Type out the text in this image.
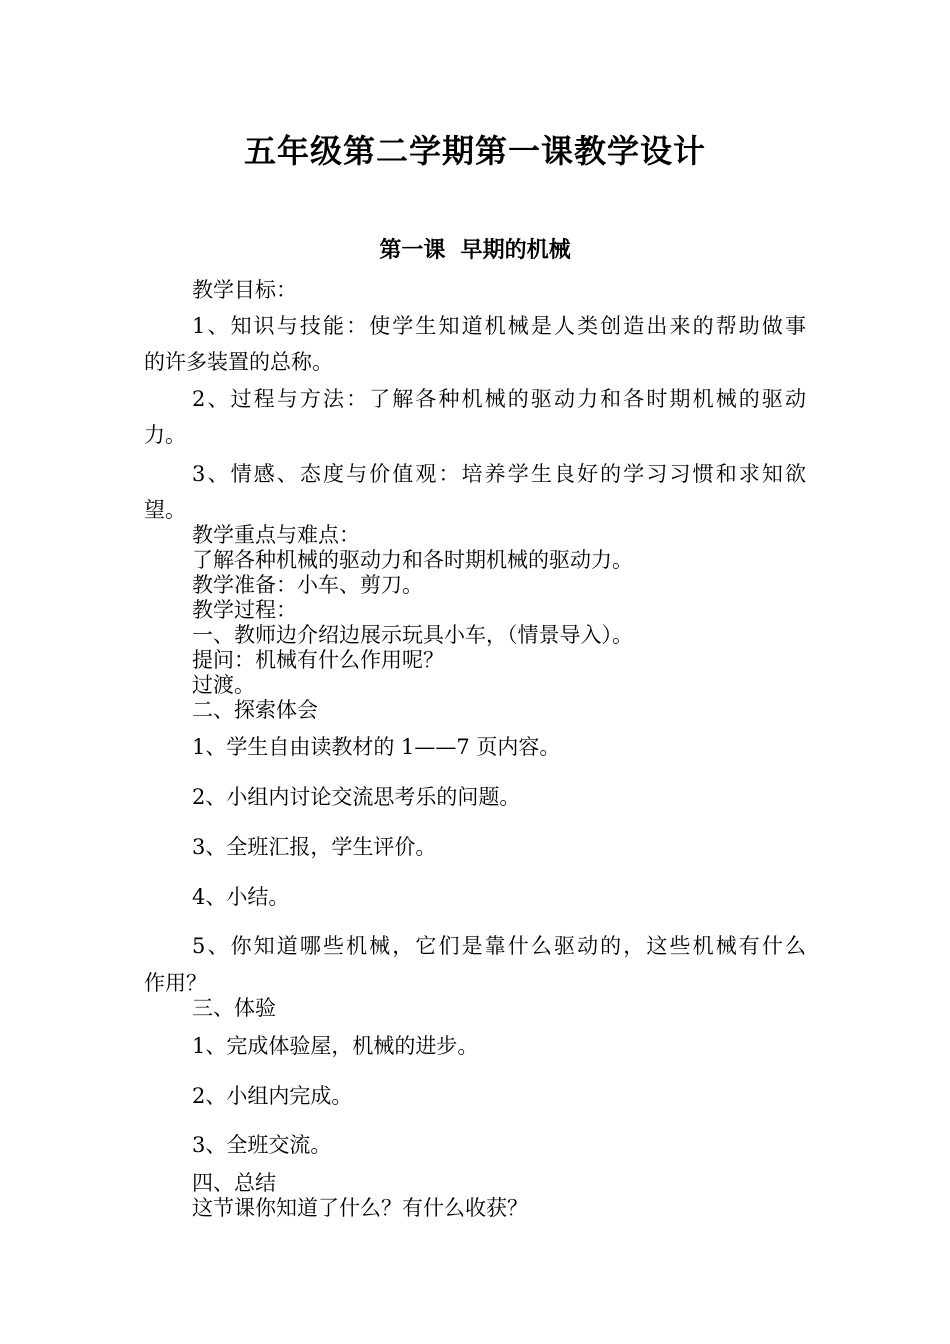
五年级第二学期第一课教学设计
第一课  早期的机械
教学目标：
1、知识与技能：使学生知道机械是人类创造出来的帮助做事
的许多装置的总称。
2、过程与方法：了解各种机械的驱动力和各时期机械的驱动
力。
3、情感、态度与价值观：培养学生良好的学习习惯和求知欲
望。
教学重点与难点：
了解各种机械的驱动力和各时期机械的驱动力。
教学准备：小车、剪刀。
教学过程：
一、教师边介绍边展示玩具小车，（情景导入）。
提问：机械有什么作用呢？
过渡。
二、探索体会
1、学生自由读教材的 1——7 页内容。
2、小组内讨论交流思考乐的问题。
3、全班汇报，学生评价。
4、小结。
5、你知道哪些机械，它们是靠什么驱动的，这些机械有什么
作用？
三、体验
1、完成体验屋，机械的进步。
2、小组内完成。
3、全班交流。
四、总结
这节课你知道了什么？有什么收获？
